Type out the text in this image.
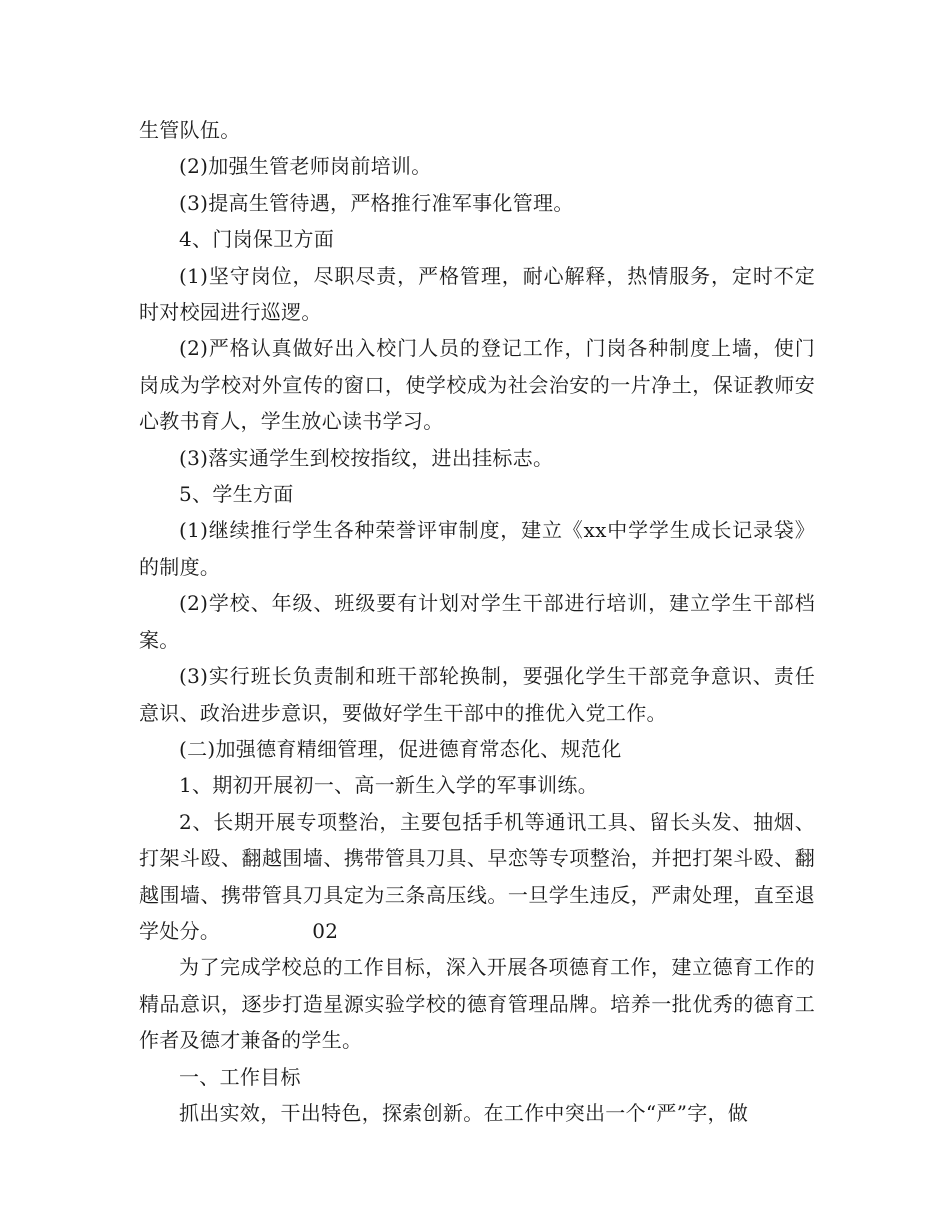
生管队伍。

(2)加强生管老师岗前培训。

(3)提高生管待遇，严格推行准军事化管理。

4、门岗保卫方面

(1)坚守岗位，尽职尽责，严格管理，耐心解释，热情服务，定时不定时对校园进行巡逻。

(2)严格认真做好出入校门人员的登记工作，门岗各种制度上墙，使门岗成为学校对外宣传的窗口，使学校成为社会治安的一片净土，保证教师安心教书育人，学生放心读书学习。

(3)落实通学生到校按指纹，进出挂标志。

5、学生方面

(1)继续推行学生各种荣誉评审制度，建立《xx中学学生成长记录袋》的制度。

(2)学校、年级、班级要有计划对学生干部进行培训，建立学生干部档案。

(3)实行班长负责制和班干部轮换制，要强化学生干部竞争意识、责任意识、政治进步意识，要做好学生干部中的推优入党工作。

(二)加强德育精细管理，促进德育常态化、规范化

1、期初开展初一、高一新生入学的军事训练。

2、长期开展专项整治，主要包括手机等通讯工具、留长头发、抽烟、打架斗殴、翻越围墙、携带管具刀具、早恋等专项整治，并把打架斗殴、翻越围墙、携带管具刀具定为三条高压线。一旦学生违反，严肃处理，直至退学处分。	02

为了完成学校总的工作目标，深入开展各项德育工作，建立德育工作的精品意识，逐步打造星源实验学校的德育管理品牌。培养一批优秀的德育工作者及德才兼备的学生。

一、工作目标

抓出实效，干出特色，探索创新。在工作中突出一个“严”字，做
